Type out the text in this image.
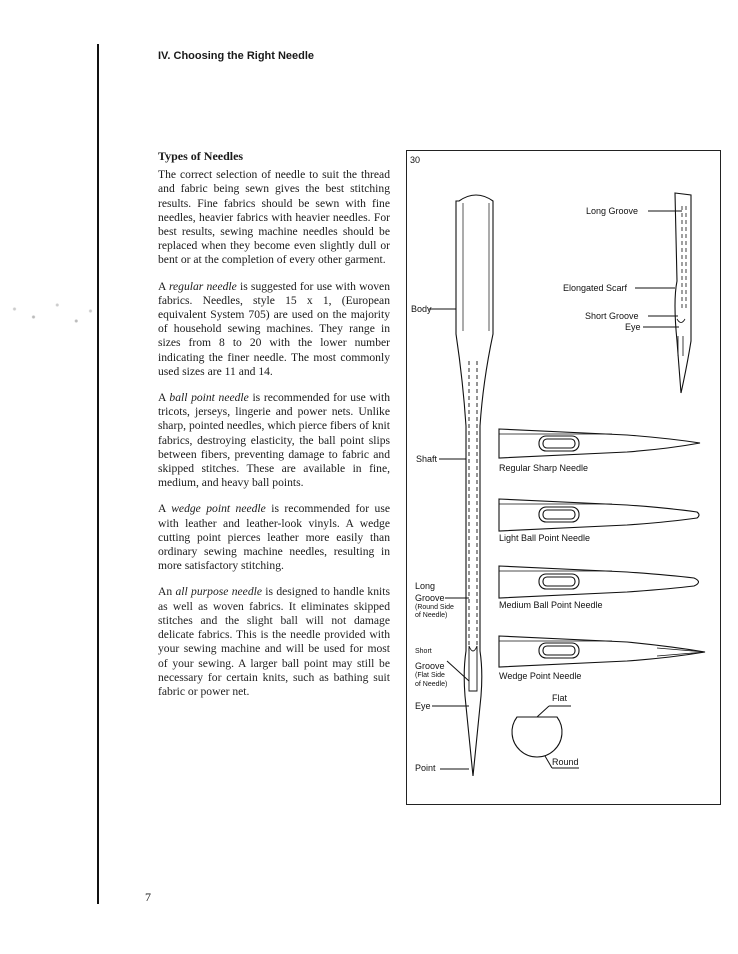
IV. Choosing the Right Needle
Types of Needles

The correct selection of needle to suit the thread and fabric being sewn gives the best stitching results. Fine fabrics should be sewn with fine needles, heavier fabrics with heavier needles. For best results, sewing machine needles should be replaced when they become even slightly dull or bent or at the completion of every other garment.

A regular needle is suggested for use with woven fabrics. Needles, style 15 x 1, (European equivalent System 705) are used on the majority of household sewing machines. They range in sizes from 8 to 20 with the lower number indicating the finer needle. The most commonly used sizes are 11 and 14.

A ball point needle is recommended for use with tricots, jerseys, lingerie and power nets. Unlike sharp, pointed needles, which pierce fibers of knit fabrics, destroying elasticity, the ball point slips between fibers, preventing damage to fabric and skipped stitches. These are available in fine, medium, and heavy ball points.

A wedge point needle is recommended for use with leather and leather-look vinyls. A wedge cutting point pierces leather more easily than ordinary sewing machine needles, resulting in more satisfactory stitching.

An all purpose needle is designed to handle knits as well as woven fabrics. It eliminates skipped stitches and the slight ball will not damage delicate fabrics. This is the needle provided with your sewing machine and will be used for most of your sewing. A larger ball point may still be necessary for certain knits, such as bathing suit fabric or power net.

7
30
Long Groove
Elongated Scarf
Short Groove
Eye
Body
Shaft
Long
Groove
(Round Side
of Needle)
Short
Groove
(Flat Side
of Needle)
Eye
Point
Regular Sharp Needle
Light Ball Point Needle
Medium Ball Point Needle
Wedge Point Needle
Flat
Round
